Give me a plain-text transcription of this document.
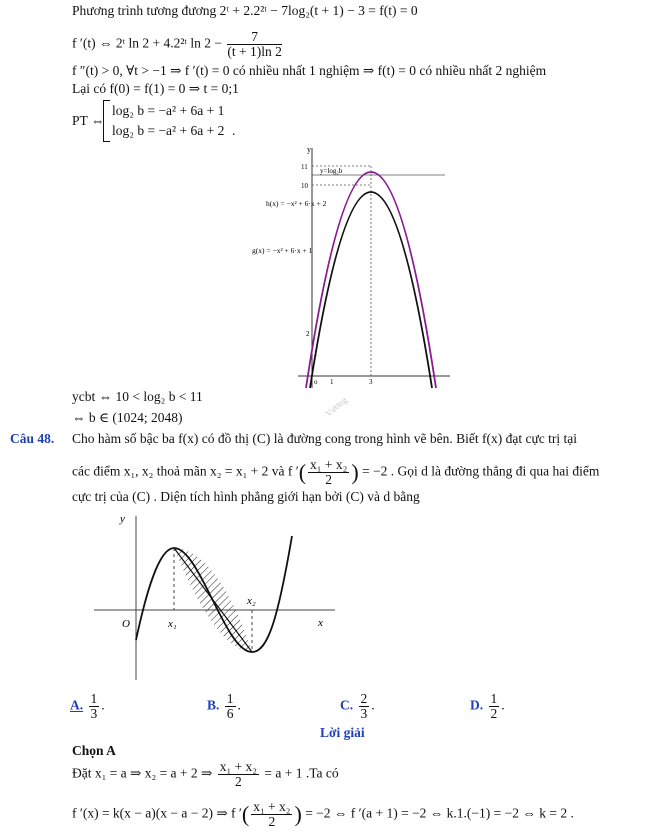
Phương trình tương đương 2ᵗ + 2.2²ᵗ − 7log₂(t + 1) − 3 = f(t) = 0
f ′(t) ⇔ 2ᵗ ln 2 + 4.2²ᵗ $\ln 2 - \frac{7}{(t + 1)\ln 2}$
f ″(t) > 0, ∀t > −1 ⇒ f ′(t) = 0 có nhiều nhất 1 nghiệm ⇒ f(t) = 0 có nhiều nhất 2 nghiệm
Lại có f(0) = f(1) = 0 ⇒ t = 0;1
PT ⇔
log₂ b = −a² + 6a + 1
log₂ b = −a² + 6a + 2 .
y
y=log₂b
11
10
2
1
o 1	3
h(x) = −x² + 6·x + 2
g(x) = −x² + 6·x + 1
Vương
ycbt ⇔ 10 < log₂ b < 11
⇔ b ∈ (1024; 2048)
Câu 48. Cho hàm số bậc ba f(x) có đồ thị (C) là đường cong trong hình vẽ bên. Biết f(x) đạt cực trị tại
các điểm x₁, x₂ thoả mãn x₂ = x₁ + 2 và f ′( $\frac{\text{x₁ + x₂}}{2}$ ) = −2 . Gọi d là đường thẳng đi qua hai điểm
cực trị của (C) . Diện tích hình phẳng giới hạn bởi (C) và d bằng
y
x
O	x₁
x₂
A. $\frac{1}{3}$ .	B. $\frac{1}{6}$ .	C. $\frac{2}{3}$ .	D. $\frac{1}{2}$ .
Lời giải
Chọn A
Đặt x₁ = a ⇒ x₂ = a + 2 ⇒ $\frac{\text{x₁ + x₂}}{2} = a + 1$ .Ta có
f ′(x) = k(x − a)(x − a − 2) ⇒ f ′( $\frac{\text{x₁ + x₂}}{2}$ ) = −2 ⇔ f ′(a + 1) = −2 ⇔ k.1.(−1) = −2 ⇔ k = 2 .
